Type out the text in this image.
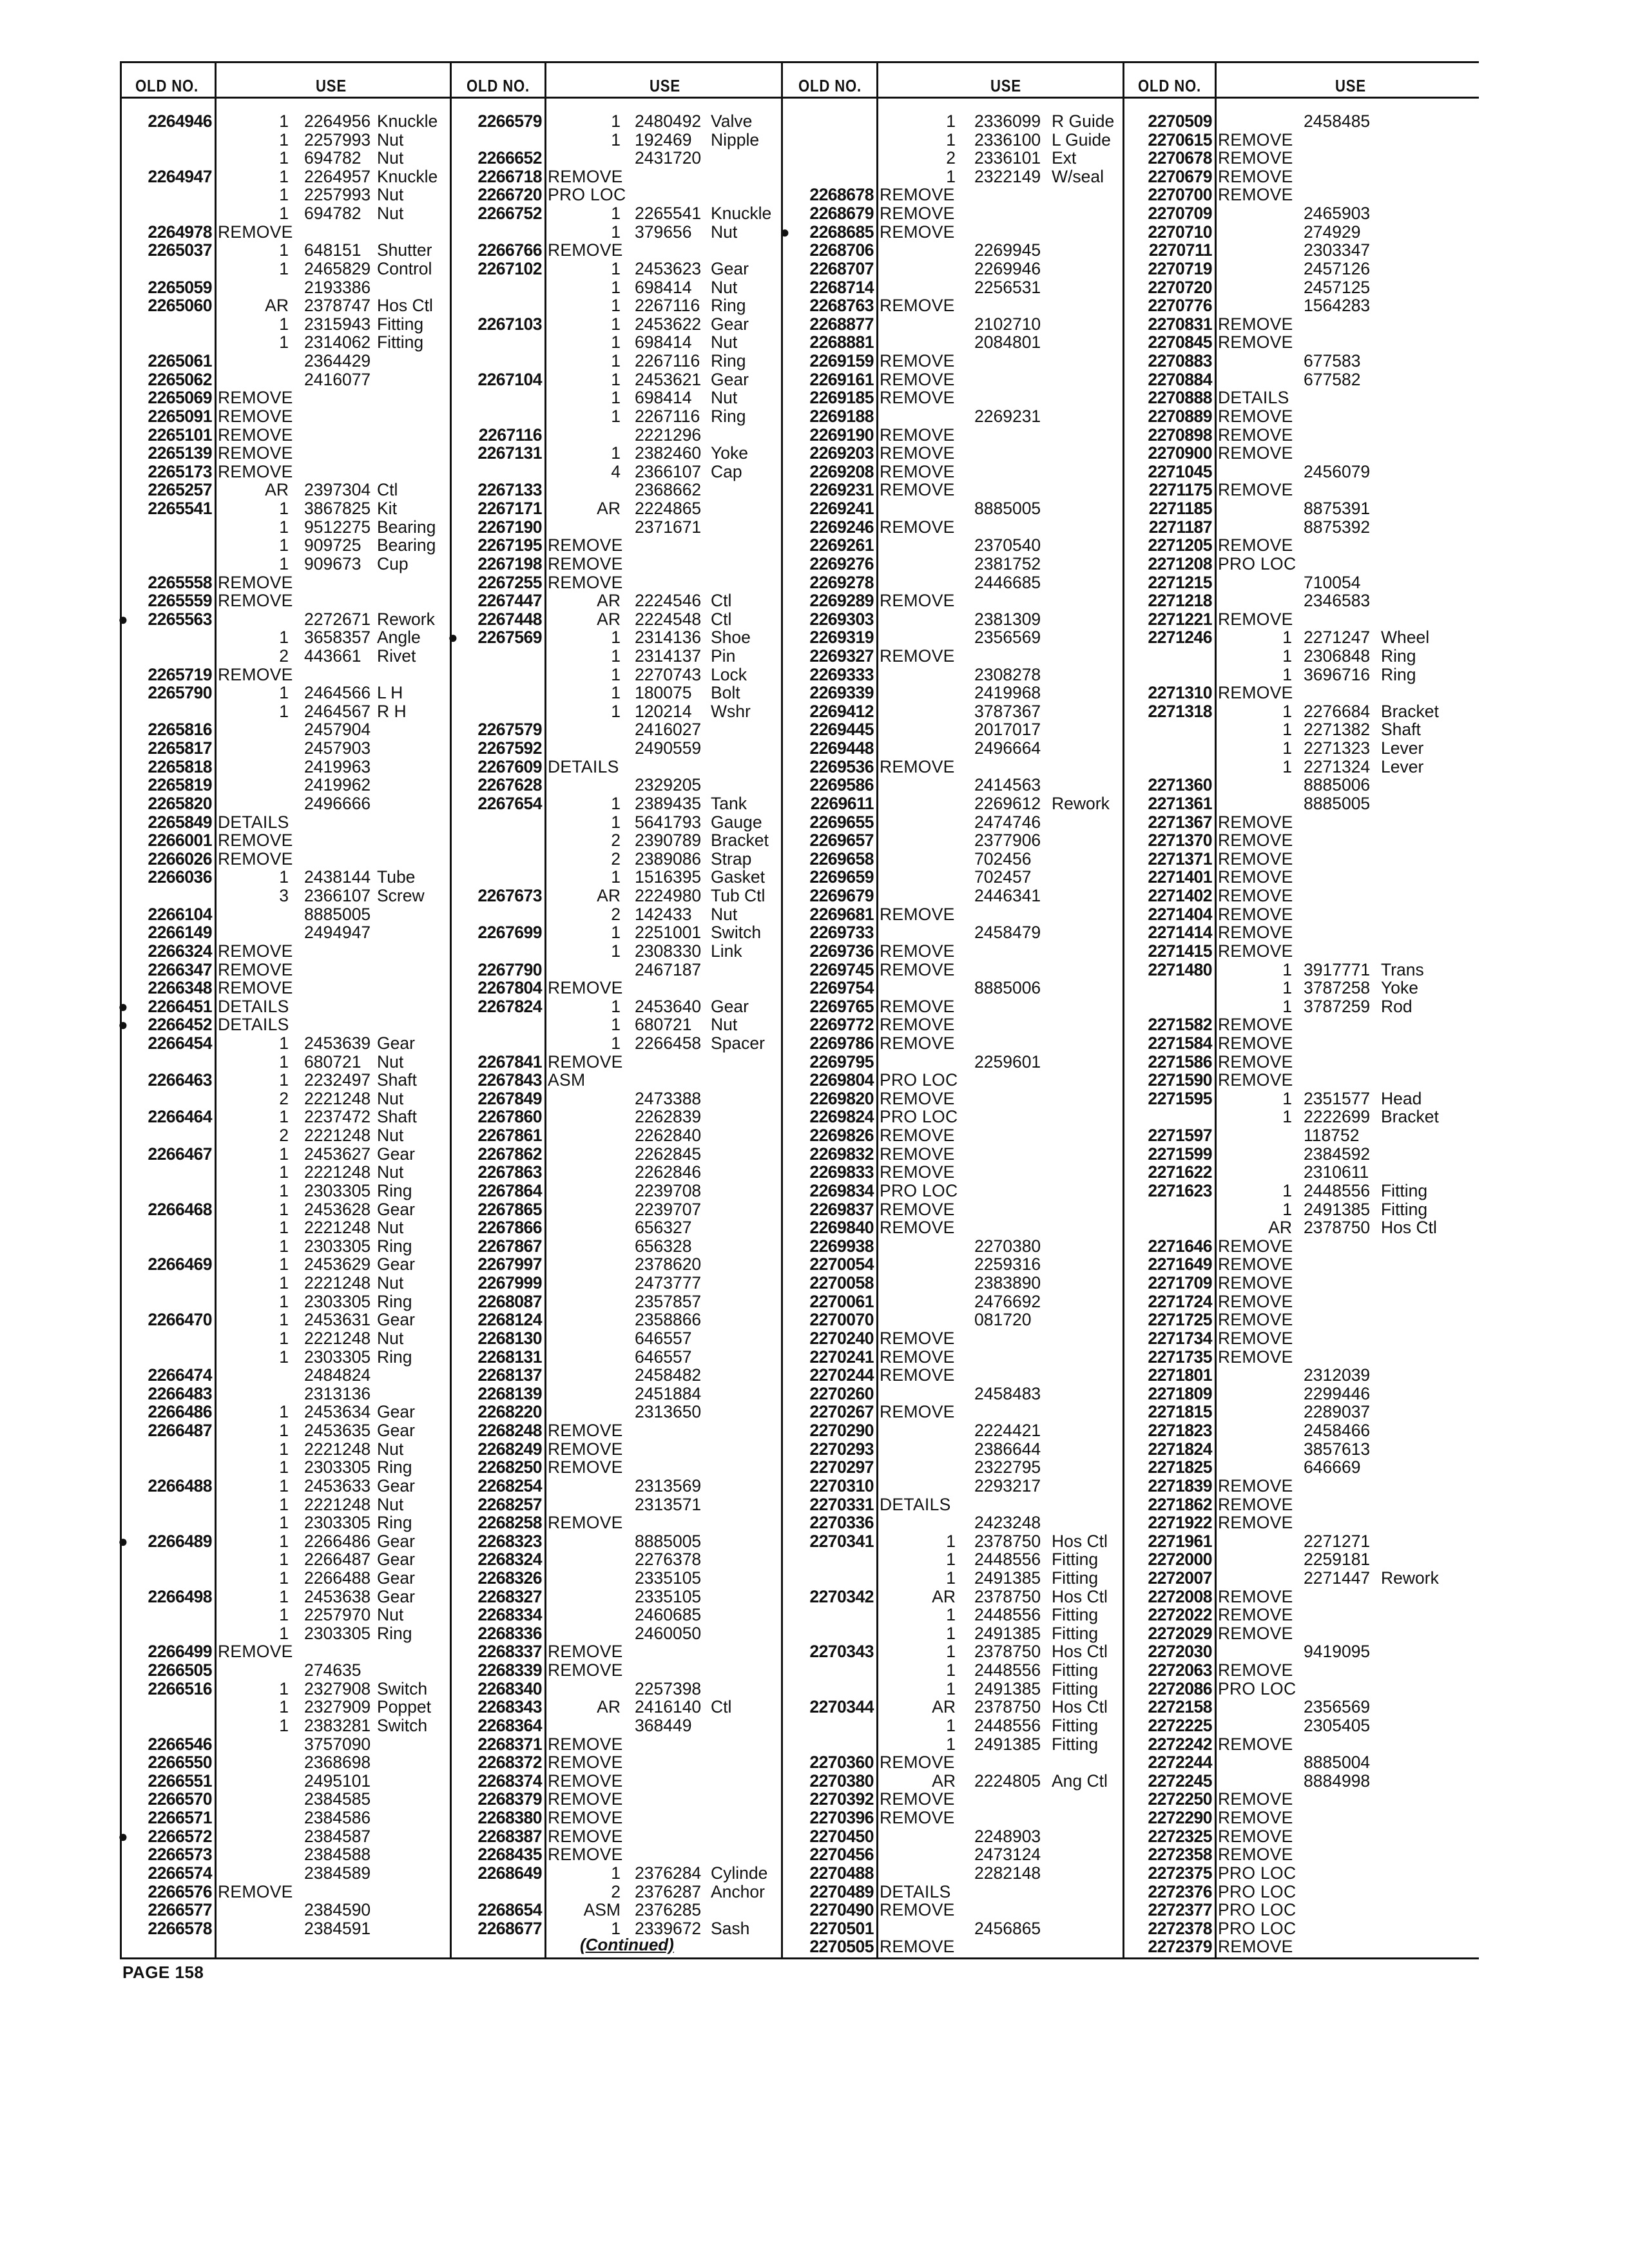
OLD NO.	USE	OLD NO.	USE	OLD NO.	USE	OLD NO.	USE
2264946	1 2264956 Knuckle
1 2257993 Nut
1 694782 Nut
2264947	1 2264957 Knuckle
1 2257993 Nut
1 694782 Nut
2264978 REMOVE
2265037	1 648151 Shutter
1 2465829 Control
2265059	2193386
2265060	AR 2378747 Hos Ctl
1 2315943 Fitting
1 2314062 Fitting
2265061	2364429
2265062	2416077
2265069 REMOVE
2265091 REMOVE
2265101 REMOVE
2265139 REMOVE
2265173 REMOVE
2265257	AR 2397304 Ctl
2265541	1 3867825 Kit
1 9512275 Bearing
1 909725 Bearing
1 909673 Cup
2265558 REMOVE
2265559 REMOVE
● 2265563	2272671 Rework
1 3658357 Angle
2 443661 Rivet
2265719 REMOVE
2265790	1 2464566 L H
1 2464567 R H
2265816	2457904
2265817	2457903
2265818	2419963
2265819	2419962
2265820	2496666
2265849 DETAILS
2266001 REMOVE
2266026 REMOVE
2266036	1 2438144 Tube
3 2366107 Screw
2266104	8885005
2266149	2494947
2266324 REMOVE
2266347 REMOVE
2266348 REMOVE
● 2266451 DETAILS
● 2266452 DETAILS
2266454	1 2453639 Gear
1 680721 Nut
2266463	1 2232497 Shaft
2 2221248 Nut
2266464	1 2237472 Shaft
2 2221248 Nut
2266467	1 2453627 Gear
1 2221248 Nut
1 2303305 Ring
2266468	1 2453628 Gear
1 2221248 Nut
1 2303305 Ring
2266469	1 2453629 Gear
1 2221248 Nut
1 2303305 Ring
2266470	1 2453631 Gear
1 2221248 Nut
1 2303305 Ring
2266474	2484824
2266483	2313136
2266486	1 2453634 Gear
2266487	1 2453635 Gear
1 2221248 Nut
1 2303305 Ring
2266488	1 2453633 Gear
1 2221248 Nut
1 2303305 Ring
● 2266489	1 2266486 Gear
1 2266487 Gear
1 2266488 Gear
2266498	1 2453638 Gear
1 2257970 Nut
1 2303305 Ring
2266499 REMOVE
2266505	274635
2266516	1 2327908 Switch
1 2327909 Poppet
1 2383281 Switch
2266546	3757090
2266550	2368698
2266551	2495101
2266570	2384585
2266571	2384586
● 2266572	2384587
2266573	2384588
2266574	2384589
2266576 REMOVE
2266577	2384590
2266578	2384591
2266579	1 2480492 Valve
1 192469 Nipple
2266652	2431720
2266718 REMOVE
2266720 PRO LOC
2266752	1 2265541 Knuckle
1 379656 Nut
2266766 REMOVE
2267102	1 2453623 Gear
1 698414 Nut
1 2267116 Ring
2267103	1 2453622 Gear
1 698414 Nut
1 2267116 Ring
2267104	1 2453621 Gear
1 698414 Nut
1 2267116 Ring
2267116	2221296
2267131	1 2382460 Yoke
4 2366107 Cap
2267133	2368662
2267171	AR 2224865
2267190	2371671
2267195 REMOVE
2267198 REMOVE
2267255 REMOVE
2267447	AR 2224546 Ctl
2267448	AR 2224548 Ctl
● 2267569	1 2314136 Shoe
1 2314137 Pin
1 2270743 Lock
1 180075 Bolt
1 120214 Wshr
2267579	2416027
2267592	2490559
2267609 DETAILS
2267628	2329205
2267654	1 2389435 Tank
1 5641793 Gauge
2 2390789 Bracket
2 2389086 Strap
1 1516395 Gasket
2267673	AR 2224980 Tub Ctl
2 142433 Nut
2267699	1 2251001 Switch
1 2308330 Link
2267790	2467187
2267804 REMOVE
2267824	1 2453640 Gear
1 680721 Nut
1 2266458 Spacer
2267841 REMOVE
2267843 ASM
2267849	2473388
2267860	2262839
2267861	2262840
2267862	2262845
2267863	2262846
2267864	2239708
2267865	2239707
2267866	656327
2267867	656328
2267997	2378620
2267999	2473777
2268087	2357857
2268124	2358866
2268130	646557
2268131	646557
2268137	2458482
2268139	2451884
2268220	2313650
2268248 REMOVE
2268249 REMOVE
2268250 REMOVE
2268254	2313569
2268257	2313571
2268258 REMOVE
2268323	8885005
2268324	2276378
2268326	2335105
2268327	2335105
2268334	2460685
2268336	2460050
2268337 REMOVE
2268339 REMOVE
2268340	2257398
2268343	AR 2416140 Ctl
2268364	368449
2268371 REMOVE
2268372 REMOVE
2268374 REMOVE
2268379 REMOVE
2268380 REMOVE
2268387 REMOVE
2268435 REMOVE
2268649	1 2376284 Cylinde
2 2376287 Anchor
2268654 ASM 2376285
2268677	1 2339672 Sash
1 2336099 R Guide
1 2336100 L Guide
2 2336101 Ext
1 2322149 W/seal
2268678 REMOVE
2268679 REMOVE
● 2268685 REMOVE
2268706	2269945
2268707	2269946
2268714	2256531
2268763 REMOVE
2268877	2102710
2268881	2084801
2269159 REMOVE
2269161 REMOVE
2269185 REMOVE
2269188	2269231
2269190 REMOVE
2269203 REMOVE
2269208 REMOVE
2269231 REMOVE
2269241	8885005
2269246 REMOVE
2269261	2370540
2269276	2381752
2269278	2446685
2269289 REMOVE
2269303	2381309
2269319	2356569
2269327 REMOVE
2269333	2308278
2269339	2419968
2269412	3787367
2269445	2017017
2269448	2496664
2269536 REMOVE
2269586	2414563
2269611	2269612 Rework
2269655	2474746
2269657	2377906
2269658	702456
2269659	702457
2269679	2446341
2269681 REMOVE
2269733	2458479
2269736 REMOVE
2269745 REMOVE
2269754	8885006
2269765 REMOVE
2269772 REMOVE
2269786 REMOVE
2269795	2259601
2269804 PRO LOC
2269820 REMOVE
2269824 PRO LOC
2269826 REMOVE
2269832 REMOVE
2269833 REMOVE
2269834 PRO LOC
2269837 REMOVE
2269840 REMOVE
2269938	2270380
2270054	2259316
2270058	2383890
2270061	2476692
2270070	081720
2270240 REMOVE
2270241 REMOVE
2270244 REMOVE
2270260	2458483
2270267 REMOVE
2270290	2224421
2270293	2386644
2270297	2322795
2270310	2293217
2270331 DETAILS
2270336	2423248
2270341	1 2378750 Hos Ctl
1 2448556 Fitting
1 2491385 Fitting
2270342	AR 2378750 Hos Ctl
1 2448556 Fitting
1 2491385 Fitting
2270343	1 2378750 Hos Ctl
1 2448556 Fitting
1 2491385 Fitting
2270344	AR 2378750 Hos Ctl
1 2448556 Fitting
1 2491385 Fitting
2270360 REMOVE
2270380	AR 2224805 Ang Ctl
2270392 REMOVE
2270396 REMOVE
2270450	2248903
2270456	2473124
2270488	2282148
2270489 DETAILS
2270490 REMOVE
2270501	2456865
2270505 REMOVE
2270509	2458485
2270615 REMOVE
2270678 REMOVE
2270679 REMOVE
2270700 REMOVE
2270709	2465903
2270710	274929
2270711	2303347
2270719	2457126
2270720	2457125
2270776	1564283
2270831 REMOVE
2270845 REMOVE
2270883	677583
2270884	677582
2270888 DETAILS
2270889 REMOVE
2270898 REMOVE
2270900 REMOVE
2271045	2456079
2271175 REMOVE
2271185	8875391
2271187	8875392
2271205 REMOVE
2271208 PRO LOC
2271215	710054
2271218	2346583
2271221 REMOVE
2271246	1 2271247 Wheel
1 2306848 Ring
1 3696716 Ring
2271310 REMOVE
2271318	1 2276684 Bracket
1 2271382 Shaft
1 2271323 Lever
1 2271324 Lever
2271360	8885006
2271361	8885005
2271367 REMOVE
2271370 REMOVE
2271371 REMOVE
2271401 REMOVE
2271402 REMOVE
2271404 REMOVE
2271414 REMOVE
2271415 REMOVE
2271480	1 3917771 Trans
1 3787258 Yoke
1 3787259 Rod
2271582 REMOVE
2271584 REMOVE
2271586 REMOVE
2271590 REMOVE
2271595	1 2351577 Head
1 2222699 Bracket
2271597	118752
2271599	2384592
2271622	2310611
2271623	1 2448556 Fitting
1 2491385 Fitting
AR 2378750 Hos Ctl
2271646 REMOVE
2271649 REMOVE
2271709 REMOVE
2271724 REMOVE
2271725 REMOVE
2271734 REMOVE
2271735 REMOVE
2271801	2312039
2271809	2299446
2271815	2289037
2271823	2458466
2271824	3857613
2271825	646669
2271839 REMOVE
2271862 REMOVE
2271922 REMOVE
2271961	2271271
2272000	2259181
2272007	2271447 Rework
2272008 REMOVE
2272022 REMOVE
2272029 REMOVE
2272030	9419095
2272063 REMOVE
2272086 PRO LOC
2272158	2356569
2272225	2305405
2272242 REMOVE
2272244	8885004
2272245	8884998
2272250 REMOVE
2272290 REMOVE
2272325 REMOVE
2272358 REMOVE
2272375 PRO LOC
2272376 PRO LOC
2272377 PRO LOC
2272378 PRO LOC
2272379 REMOVE
(Continued)
PAGE 158
